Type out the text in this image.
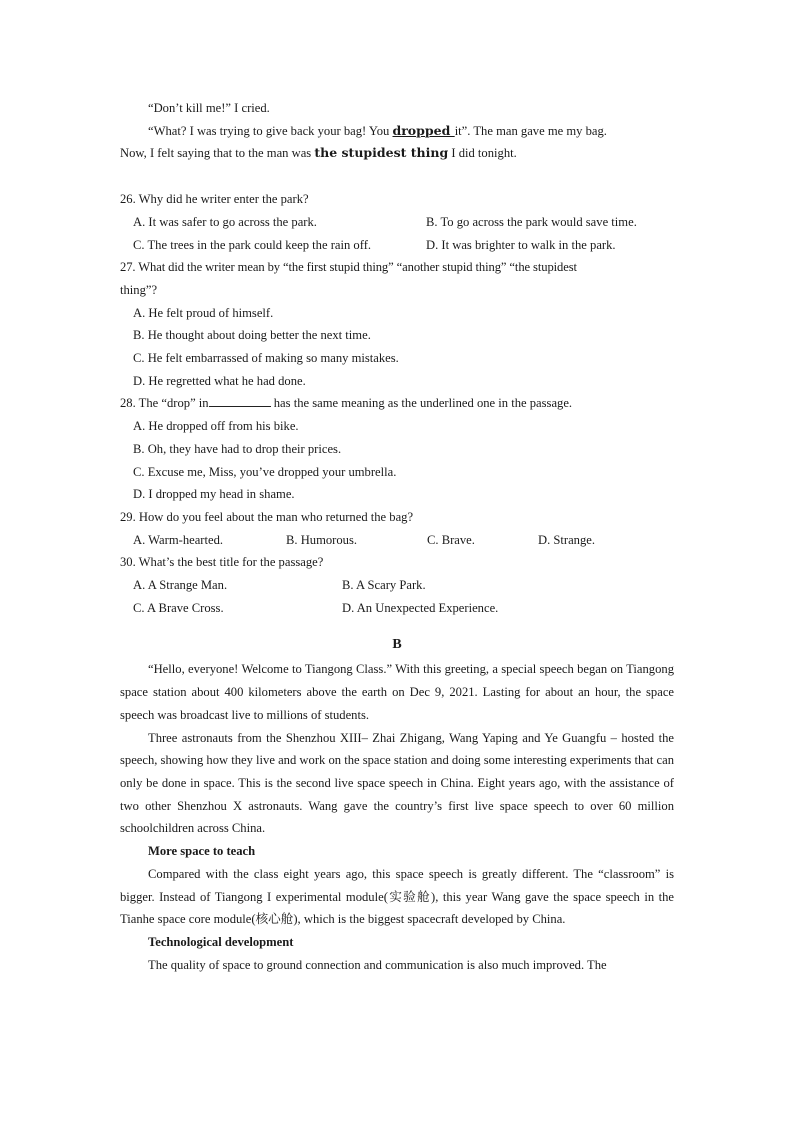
“Don’t kill me!” I cried.
“What? I was trying to give back your bag! You dropped it”. The man gave me my bag.
Now, I felt saying that to the man was the stupidest thing I did tonight.
26. Why did he writer enter the park?
A. It was safer to go across the park.	B. To go across the park would save time.
C. The trees in the park could keep the rain off.	D. It was brighter to walk in the park.
27. What did the writer mean by “the first stupid thing” “another stupid thing” “the stupidest
thing”?
A. He felt proud of himself.
B. He thought about doing better the next time.
C. He felt embarrassed of making so many mistakes.
D. He regretted what he had done.
28. The “drop” in	has the same meaning as the underlined one in the passage.
A. He dropped off from his bike.
B. Oh, they have had to drop their prices.
C. Excuse me, Miss, you’ve dropped your umbrella.
D. I dropped my head in shame.
29. How do you feel about the man who returned the bag?
A. Warm-hearted.	B. Humorous.	C. Brave.	D. Strange.
30. What’s the best title for the passage?
A. A Strange Man.	B. A Scary Park.
C. A Brave Cross.	D. An Unexpected Experience.
B
“Hello, everyone! Welcome to Tiangong Class.” With this greeting, a special speech began on Tiangong space station about 400 kilometers above the earth on Dec 9, 2021. Lasting for about an hour, the space speech was broadcast live to millions of students.
Three astronauts from the Shenzhou XIII– Zhai Zhigang, Wang Yaping and Ye Guangfu – hosted the speech, showing how they live and work on the space station and doing some interesting experiments that can only be done in space. This is the second live space speech in China. Eight years ago, with the assistance of two other Shenzhou X astronauts. Wang gave the country’s first live space speech to over 60 million schoolchildren across China.
More space to teach
Compared with the class eight years ago, this space speech is greatly different. The “classroom” is bigger. Instead of Tiangong I experimental module(实验舱), this year Wang gave the space speech in the Tianhe space core module(核心舱), which is the biggest spacecraft developed by China.
Technological development
The quality of space to ground connection and communication is also much improved. The
